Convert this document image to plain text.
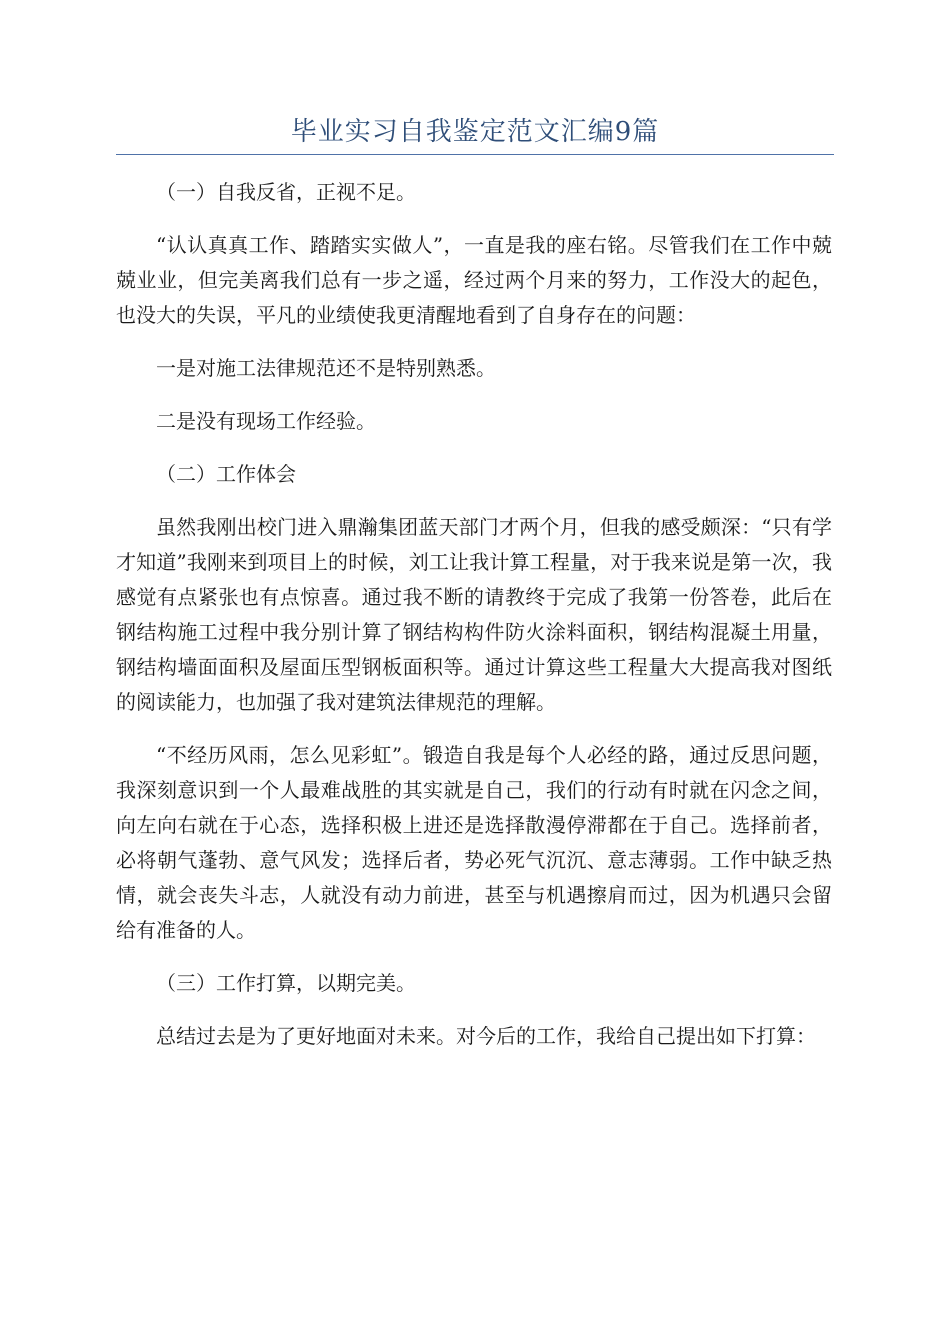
毕业实习自我鉴定范文汇编9篇

（一）自我反省，正视不足。

“认认真真工作、踏踏实实做人”，一直是我的座右铭。尽管我们在工作中兢兢业业，但完美离我们总有一步之遥，经过两个月来的努力，工作没大的起色，也没大的失误，平凡的业绩使我更清醒地看到了自身存在的问题：

一是对施工法律规范还不是特别熟悉。

二是没有现场工作经验。

（二）工作体会

虽然我刚出校门进入鼎瀚集团蓝天部门才两个月，但我的感受颇深：“只有学才知道”我刚来到项目上的时候，刘工让我计算工程量，对于我来说是第一次，我感觉有点紧张也有点惊喜。通过我不断的请教终于完成了我第一份答卷，此后在钢结构施工过程中我分别计算了钢结构构件防火涂料面积，钢结构混凝土用量，钢结构墙面面积及屋面压型钢板面积等。通过计算这些工程量大大提高我对图纸的阅读能力，也加强了我对建筑法律规范的理解。

“不经历风雨，怎么见彩虹”。锻造自我是每个人必经的路，通过反思问题，我深刻意识到一个人最难战胜的其实就是自己，我们的行动有时就在闪念之间，向左向右就在于心态，选择积极上进还是选择散漫停滞都在于自己。选择前者，必将朝气蓬勃、意气风发；选择后者，势必死气沉沉、意志薄弱。工作中缺乏热情，就会丧失斗志，人就没有动力前进，甚至与机遇擦肩而过，因为机遇只会留给有准备的人。

（三）工作打算，以期完美。

总结过去是为了更好地面对未来。对今后的工作，我给自己提出如下打算：
